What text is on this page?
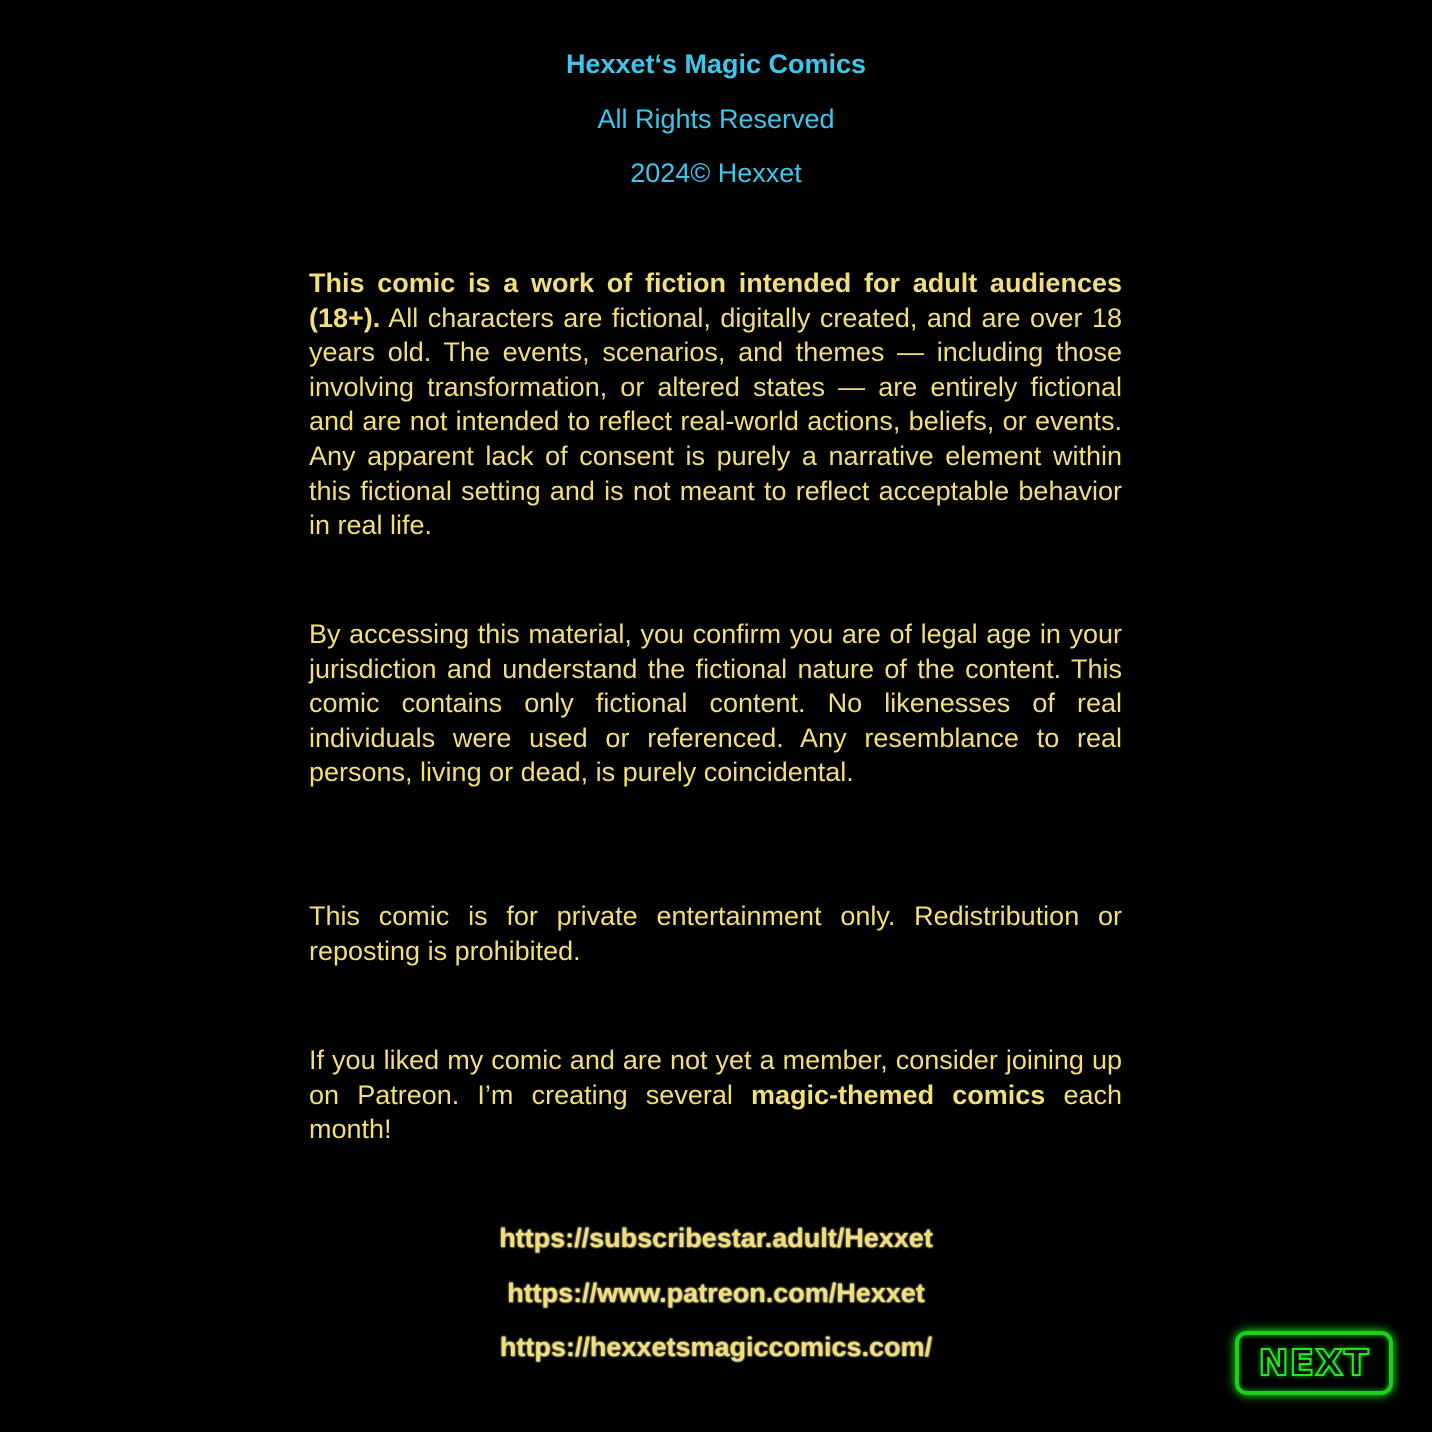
Hexxet‘s Magic Comics
All Rights Reserved
2024© Hexxet
This comic is a work of fiction intended for adult audiences (18+). All characters are fictional, digitally created, and are over 18 years old. The events, scenarios, and themes — including those involving transformation, or altered states — are entirely fictional and are not intended to reflect real-world actions, beliefs, or events. Any apparent lack of consent is purely a narrative element within this fictional setting and is not meant to reflect acceptable behavior in real life.
By accessing this material, you confirm you are of legal age in your jurisdiction and understand the fictional nature of the content. This comic contains only fictional content. No likenesses of real individuals were used or referenced. Any resemblance to real persons, living or dead, is purely coincidental.
This comic is for private entertainment only. Redistribution or reposting is prohibited.
If you liked my comic and are not yet a member, consider joining up on Patreon. I’m creating several magic-themed comics each month!
https://subscribestar.adult/Hexxet
https://www.patreon.com/Hexxet
https://hexxetsmagiccomics.com/	NEXT
